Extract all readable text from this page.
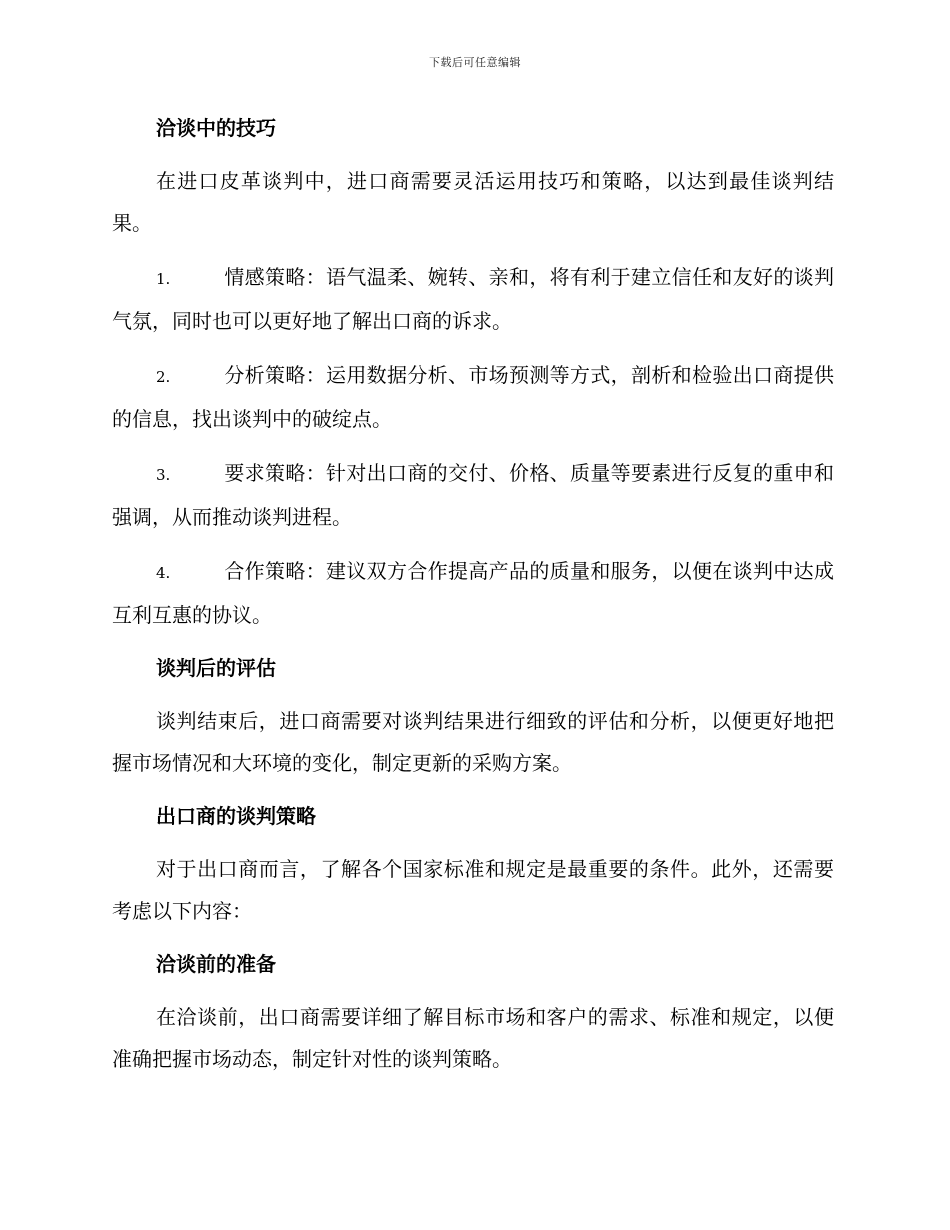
下载后可任意编辑
洽谈中的技巧
在进口皮革谈判中，进口商需要灵活运用技巧和策略，以达到最佳谈判结果。
1.	情感策略：语气温柔、婉转、亲和，将有利于建立信任和友好的谈判气氛，同时也可以更好地了解出口商的诉求。
2.	分析策略：运用数据分析、市场预测等方式，剖析和检验出口商提供的信息，找出谈判中的破绽点。
3.	要求策略：针对出口商的交付、价格、质量等要素进行反复的重申和强调，从而推动谈判进程。
4.	合作策略：建议双方合作提高产品的质量和服务，以便在谈判中达成互利互惠的协议。
谈判后的评估
谈判结束后，进口商需要对谈判结果进行细致的评估和分析，以便更好地把握市场情况和大环境的变化，制定更新的采购方案。
出口商的谈判策略
对于出口商而言，了解各个国家标准和规定是最重要的条件。此外，还需要考虑以下内容：
洽谈前的准备
在洽谈前，出口商需要详细了解目标市场和客户的需求、标准和规定，以便准确把握市场动态，制定针对性的谈判策略。
